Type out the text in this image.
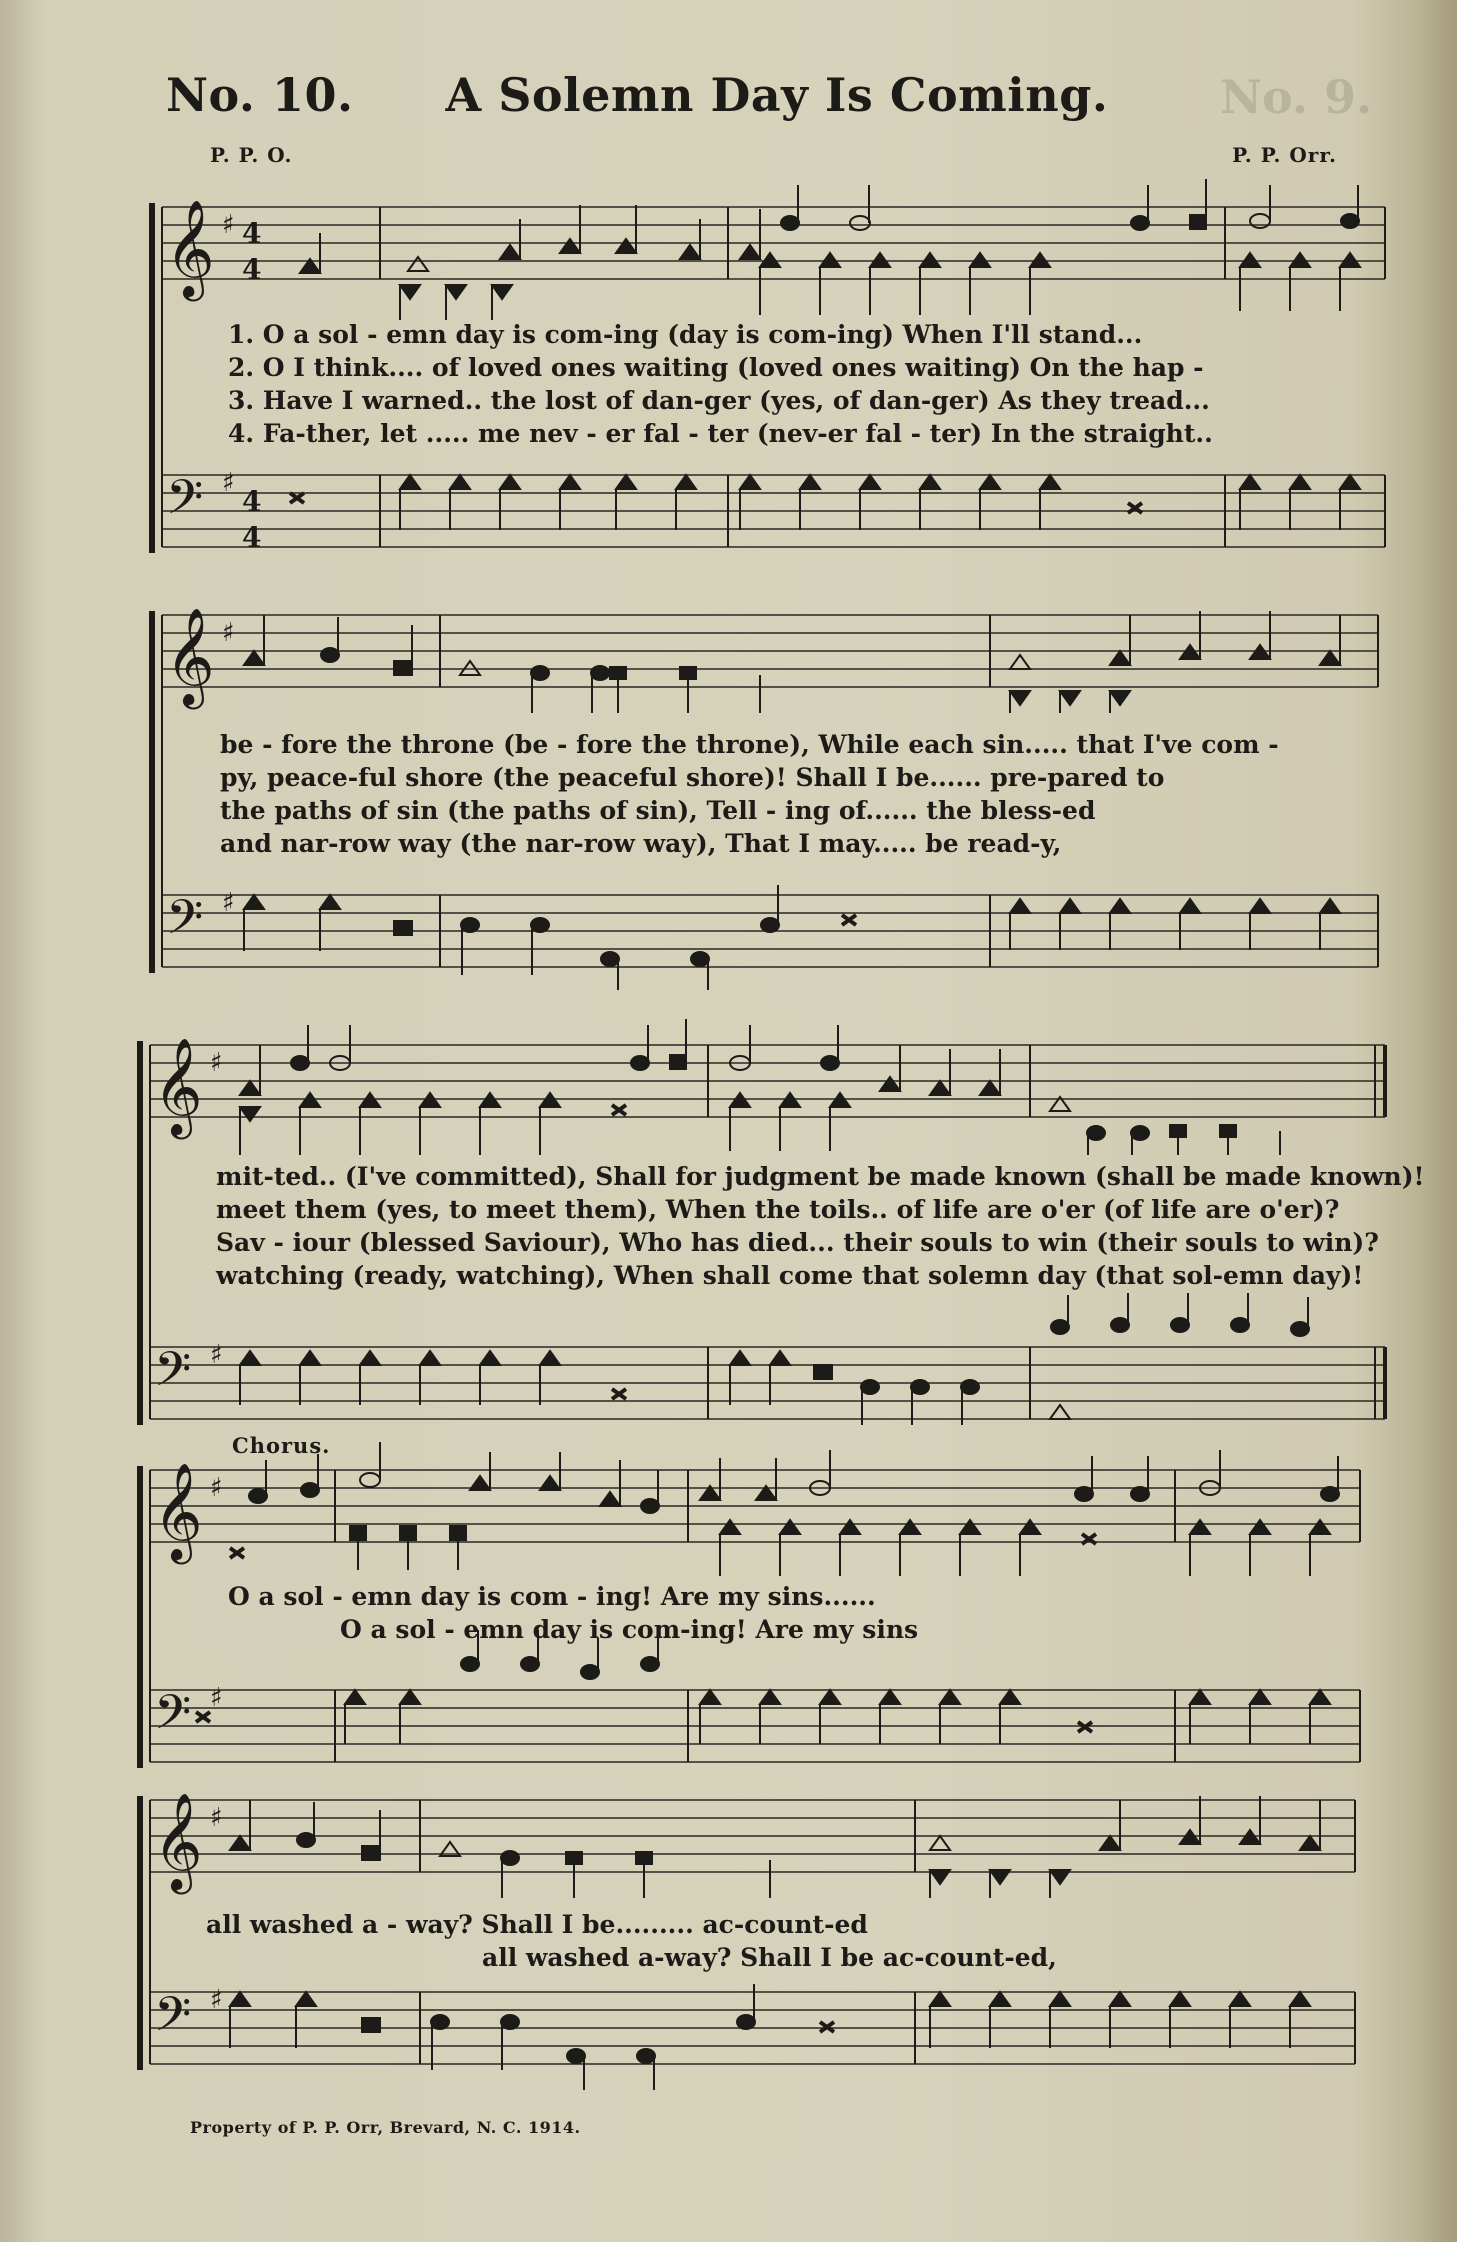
No. 9.
No. 10. A Solemn Day Is Coming.
P. P. O.	P. P. Orr.
𝄞
𝄢
♯
♯
4
4
4
4
1. O a sol - emn day is com-ing (day is com-ing) When I'll stand...
2. O I think.... of loved ones waiting (loved ones waiting) On the hap -
3. Have I warned.. the lost of dan-ger (yes, of dan-ger) As they tread...
4. Fa-ther, let ..... me nev - er fal - ter (nev-er fal - ter) In the straight..
𝄞
𝄢
♯
♯
be - fore the throne (be - fore the throne), While each sin..... that I've com -
py, peace-ful shore (the peaceful shore)! Shall I be...... pre-pared to
the paths of sin (the paths of sin), Tell - ing of...... the bless-ed
and nar-row way (the nar-row way), That I may..... be read-y,
𝄞
𝄢
♯
♯
mit-ted.. (I've committed), Shall for judgment be made known (shall be made known)!
meet them (yes, to meet them), When the toils.. of life are o'er (of life are o'er)?
Sav - iour (blessed Saviour), Who has died... their souls to win (their souls to win)?
watching (ready, watching), When shall come that solemn day (that sol-emn day)!
Chorus.
𝄞
𝄢
♯
♯
O a sol - emn day is com - ing! Are my sins......
O a sol - emn day is com-ing! Are my sins
𝄞
𝄢
♯
♯
all washed a - way? Shall I be......... ac-count-ed
all washed a-way? Shall I be ac-count-ed,
Property of P. P. Orr, Brevard, N. C. 1914.
